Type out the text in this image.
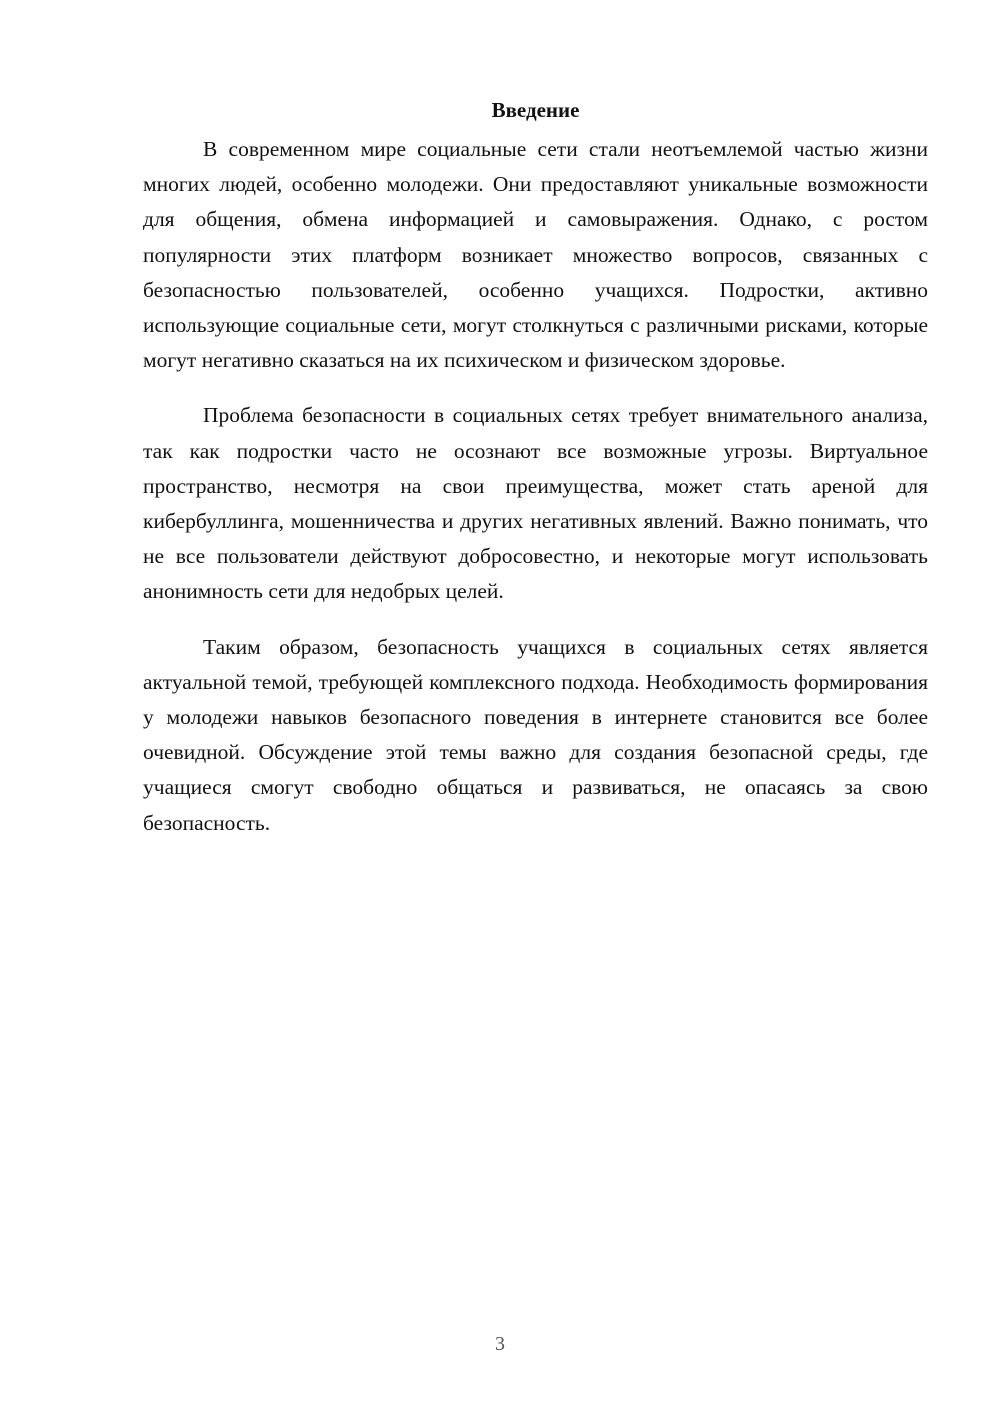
Введение

В современном мире социальные сети стали неотъемлемой частью жизни многих людей, особенно молодежи. Они предоставляют уникальные возможности для общения, обмена информацией и самовыражения. Однако, с ростом популярности этих платформ возникает множество вопросов, связанных с безопасностью пользователей, особенно учащихся. Подростки, активно использующие социальные сети, могут столкнуться с различными рисками, которые могут негативно сказаться на их психическом и физическом здоровье.

Проблема безопасности в социальных сетях требует внимательного анализа, так как подростки часто не осознают все возможные угрозы. Виртуальное пространство, несмотря на свои преимущества, может стать ареной для кибербуллинга, мошенничества и других негативных явлений. Важно понимать, что не все пользователи действуют добросовестно, и некоторые могут использовать анонимность сети для недобрых целей.

Таким образом, безопасность учащихся в социальных сетях является актуальной темой, требующей комплексного подхода. Необходимость формирования у молодежи навыков безопасного поведения в интернете становится все более очевидной. Обсуждение этой темы важно для создания безопасной среды, где учащиеся смогут свободно общаться и развиваться, не опасаясь за свою безопасность.

3
